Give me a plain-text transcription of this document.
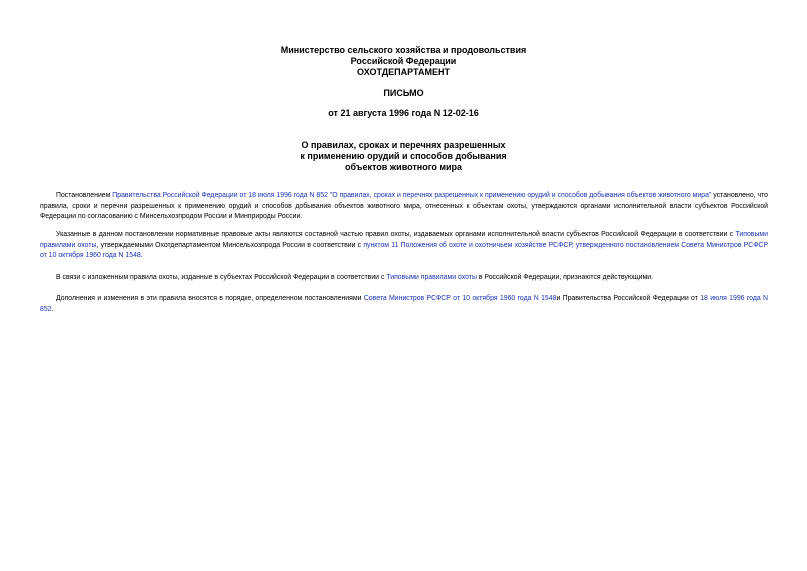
Министерство сельского хозяйства и продовольствия
Российской Федерации
ОХОТДЕПАРТАМЕНТ
ПИСЬМО
от 21 августа 1996 года N 12-02-16
О правилах, сроках и перечнях разрешенных
к применению орудий и способов добывания
объектов животного мира

Постановлением Правительства Российской Федерации от 18 июля 1996 года N 852 "О правилах, сроках и перечнях разрешенных к применению орудий и способов добывания объектов животного мира" установлено, что правила, сроки и перечни разрешенных к применению орудий и способов добывания объектов животного мира, отнесенных к объектам охоты, утверждаются органами исполнительной власти субъектов Российской Федерации по согласованию с Минсельхозпродом России и Минприроды России.

Указанные в данном постановлении нормативные правовые акты являются составной частью правил охоты, издаваемых органами исполнительной власти субъектов Российской Федерации в соответствии с Типовыми правилами охоты, утверждаемыми Охотдепартаментом Минсельхозпрода России в соответствии с пунктом 11 Положения об охоте и охотничьем хозяйстве РСФСР, утвержденного постановлением Совета Министров РСФСР от 10 октября 1960 года N 1548.

В связи с изложенным правила охоты, изданные в субъектах Российской Федерации в соответствии с Типовыми правилами охоты в Российской Федерации, признаются действующими.

Дополнения и изменения в эти правила вносятся в порядке, определенном постановлениями Совета Министров РСФСР от 10 октября 1960 года N 1548и Правительства Российской Федерации от 18 июля 1996 года N 852.
